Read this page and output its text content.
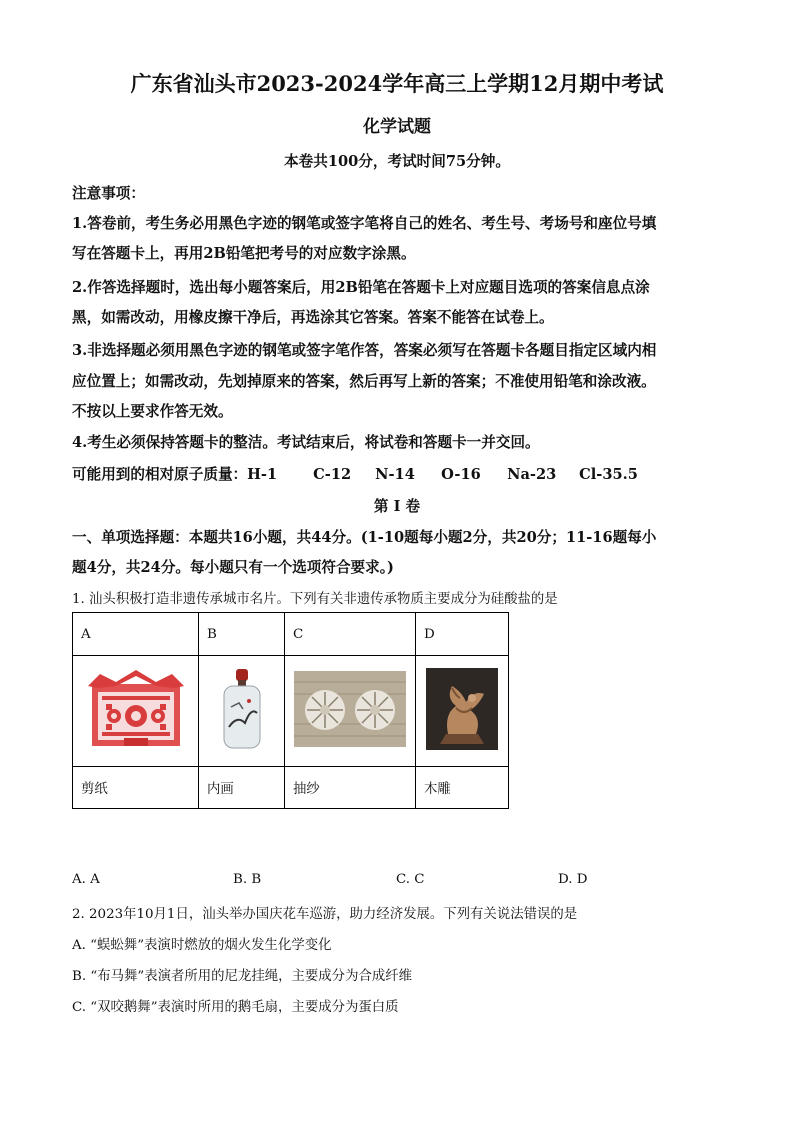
广东省汕头市2023-2024学年高三上学期12月期中考试
化学试题
本卷共100分，考试时间75分钟。
注意事项：
1.答卷前，考生务必用黑色字迹的钢笔或签字笔将自己的姓名、考生号、考场号和座位号填
写在答题卡上，再用2B铅笔把考号的对应数字涂黑。
2.作答选择题时，选出每小题答案后，用2B铅笔在答题卡上对应题目选项的答案信息点涂
黑，如需改动，用橡皮擦干净后，再选涂其它答案。答案不能答在试卷上。
3.非选择题必须用黑色字迹的钢笔或签字笔作答，答案必须写在答题卡各题目指定区域内相
应位置上；如需改动，先划掉原来的答案，然后再写上新的答案；不准使用铅笔和涂改液。
不按以上要求作答无效。
4.考生必须保持答题卡的整洁。考试结束后，将试卷和答题卡一并交回。
可能用到的相对原子质量：H-1 C-12 N-14 O-16 Na-23 Cl-35.5
第 I 卷
一、单项选择题：本题共16小题，共44分。(1-10题每小题2分，共20分；11-16题每小
题4分，共24分。每小题只有一个选项符合要求。)
1. 汕头积极打造非遗传承城市名片。下列有关非遗传承物质主要成分为硅酸盐的是
A	B	C	D

剪纸	内画	抽纱	木雕
A. A	B. B	C. C	D. D
2. 2023年10月1日，汕头举办国庆花车巡游，助力经济发展。下列有关说法错误的是
A. “蜈蚣舞”表演时燃放的烟火发生化学变化
B. “布马舞”表演者所用的尼龙挂绳，主要成分为合成纤维
C. “双咬鹅舞”表演时所用的鹅毛扇，主要成分为蛋白质
